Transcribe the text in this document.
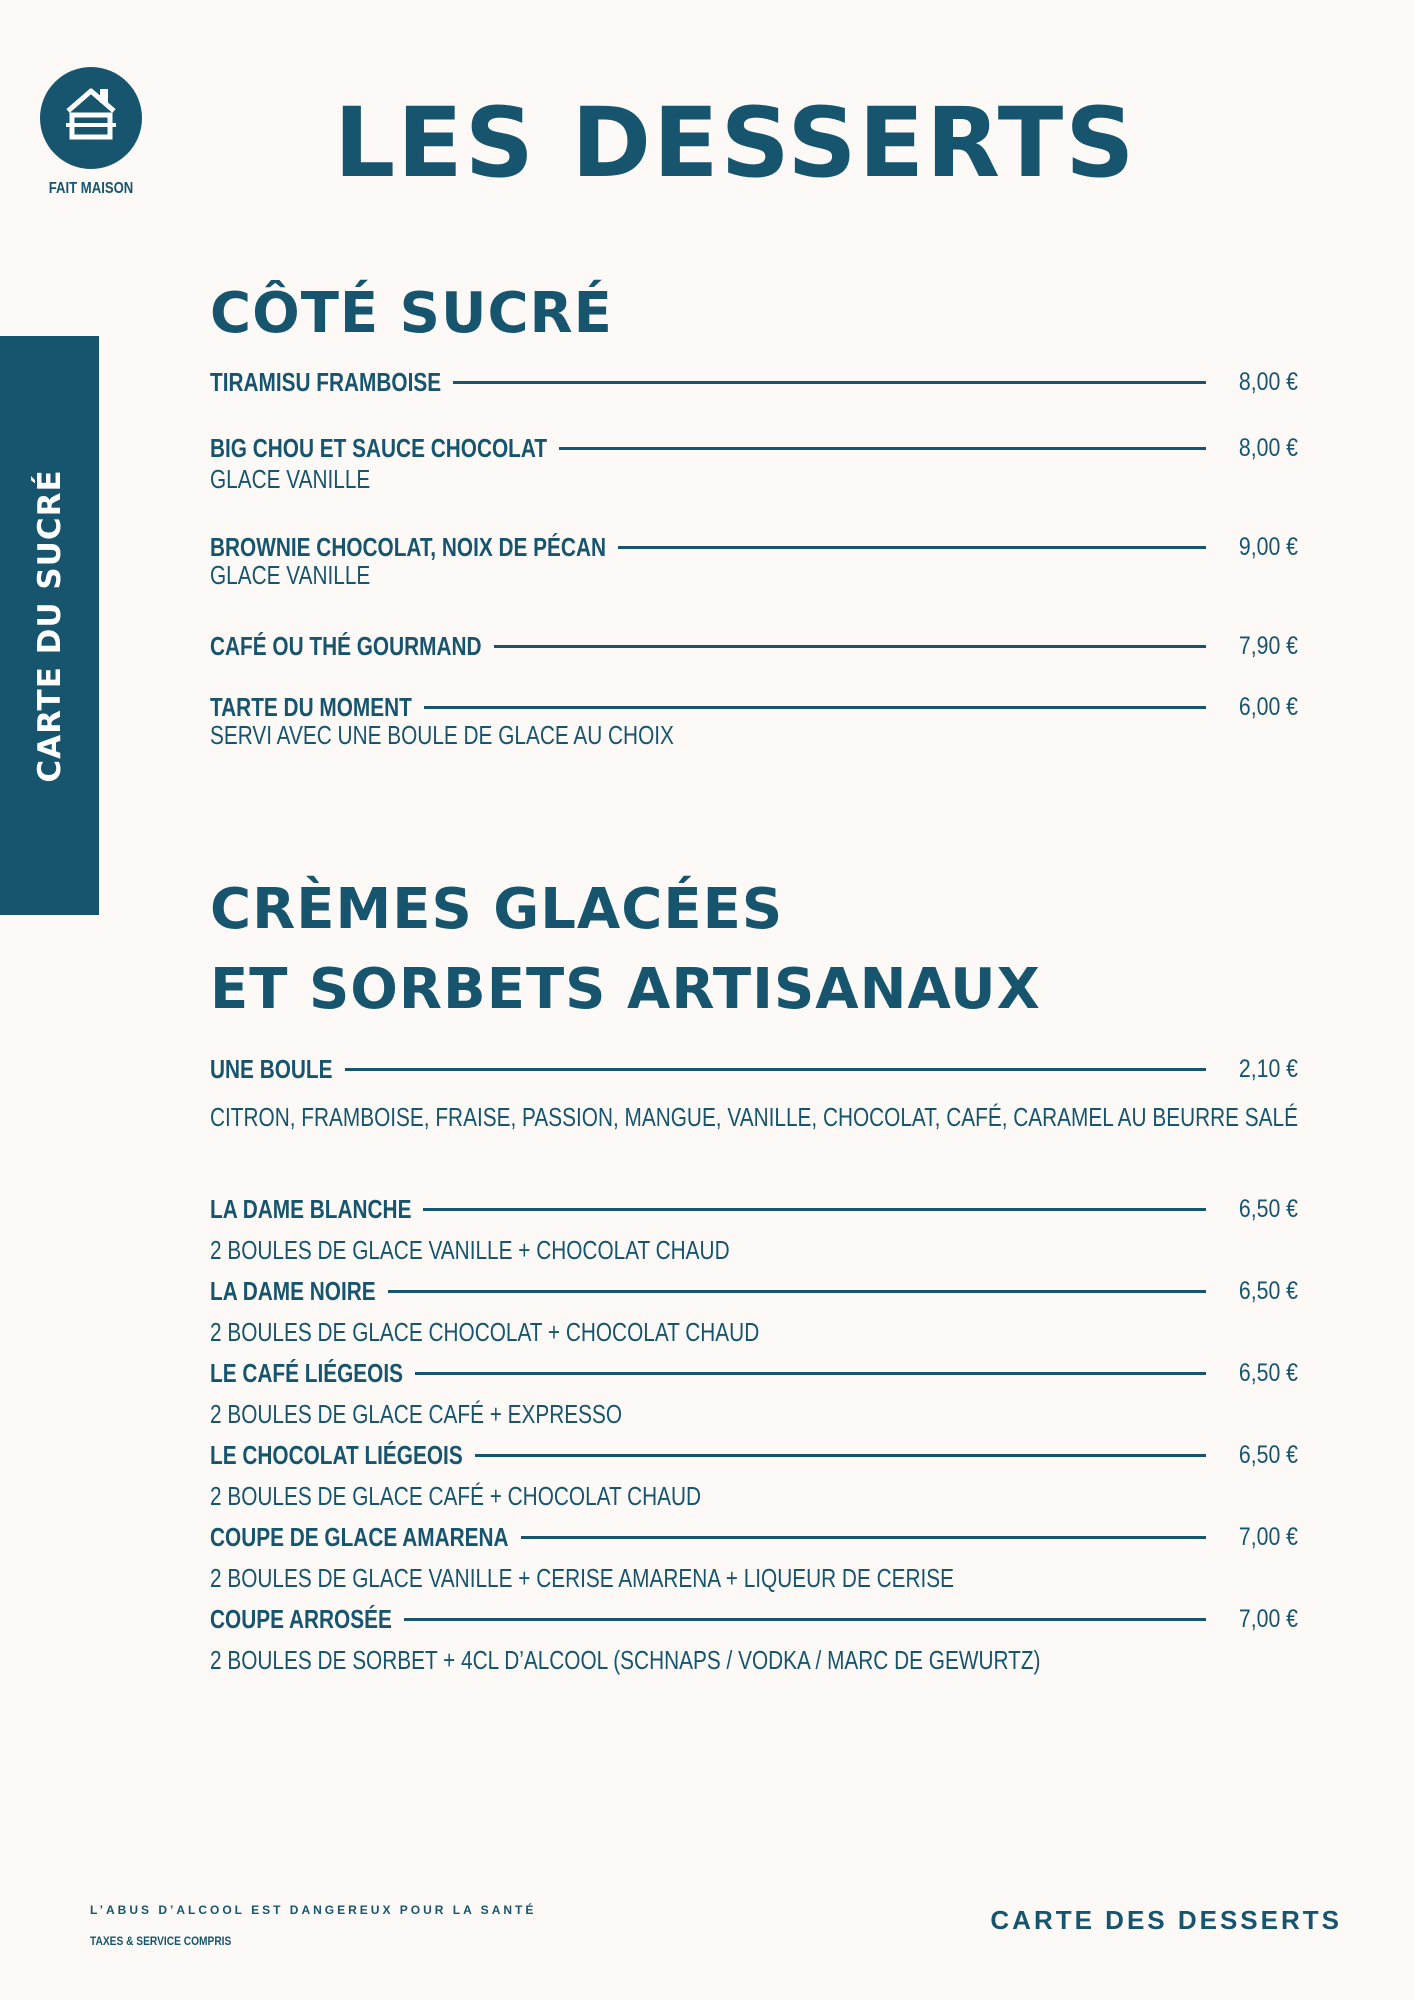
FAIT MAISON LES DESSERTS
CARTE DU SUCRÉ
CÔTÉ SUCRÉ
TIRAMISU FRAMBOISE	8,00 €
BIG CHOU ET SAUCE CHOCOLAT	8,00 €
GLACE VANILLE
BROWNIE CHOCOLAT, NOIX DE PÉCAN	9,00 €
GLACE VANILLE
CAFÉ OU THÉ GOURMAND	7,90 €
TARTE DU MOMENT	6,00 €
SERVI AVEC UNE BOULE DE GLACE AU CHOIX
CRÈMES GLACÉES
ET SORBETS ARTISANAUX
UNE BOULE	2,10 €
CITRON, FRAMBOISE, FRAISE, PASSION, MANGUE, VANILLE, CHOCOLAT, CAFÉ, CARAMEL AU BEURRE SALÉ
LA DAME BLANCHE	6,50 €
2 BOULES DE GLACE VANILLE + CHOCOLAT CHAUD
LA DAME NOIRE	6,50 €
2 BOULES DE GLACE CHOCOLAT + CHOCOLAT CHAUD
LE CAFÉ LIÉGEOIS	6,50 €
2 BOULES DE GLACE CAFÉ + EXPRESSO
LE CHOCOLAT LIÉGEOIS	6,50 €
2 BOULES DE GLACE CAFÉ + CHOCOLAT CHAUD
COUPE DE GLACE AMARENA	7,00 €
2 BOULES DE GLACE VANILLE + CERISE AMARENA + LIQUEUR DE CERISE
COUPE ARROSÉE	7,00 €
2 BOULES DE SORBET + 4CL D’ALCOOL (SCHNAPS / VODKA / MARC DE GEWURTZ)
L’ABUS D’ALCOOL EST DANGEREUX POUR LA SANTÉ
TAXES & SERVICE COMPRIS
CARTE DES DESSERTS
